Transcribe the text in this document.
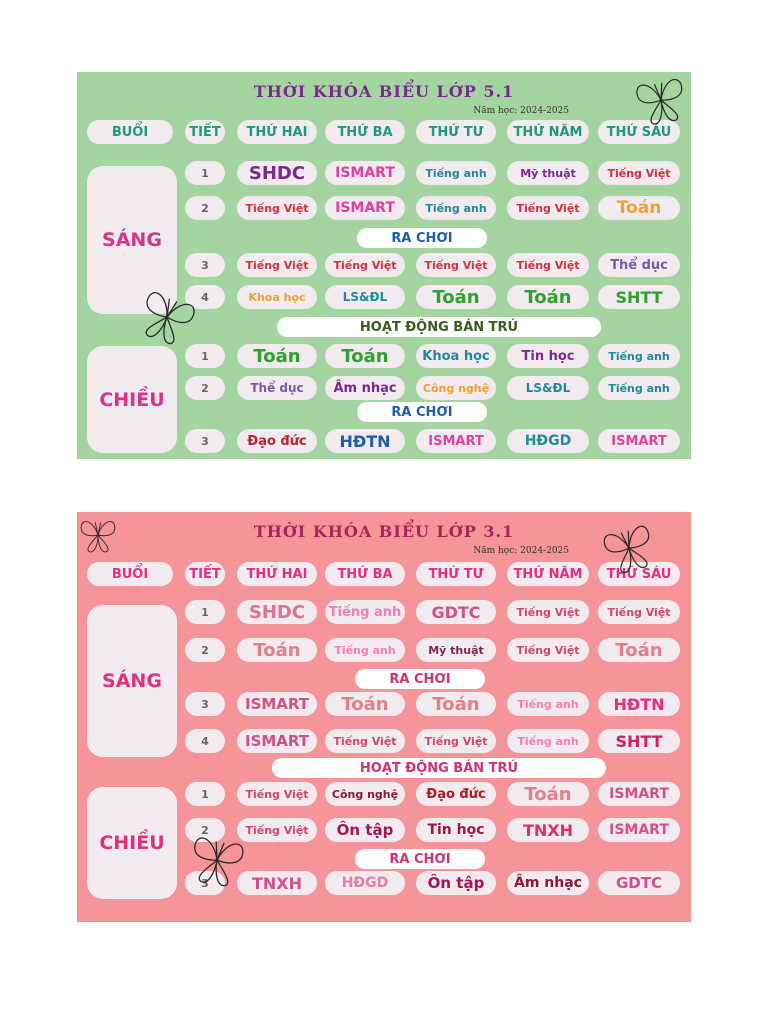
THỜI KHÓA BIỂU LỚP 5.1
Năm học: 2024-2025
BUỔI	TIẾT	THỨ HAI	THỨ BA	THỨ TƯ	THỨ NĂM	THỨ SÁU
SÁNG
CHIỀU
RA CHƠI
HOẠT ĐỘNG BÁN TRÚ
RA CHƠI
1	SHDC	ISMART	Tiếng anh	Mỹ thuật	Tiếng Việt
2	Tiếng Việt	ISMART	Tiếng anh	Tiếng Việt	Toán
3	Tiếng Việt	Tiếng Việt	Tiếng Việt	Tiếng Việt	Thể dục
4	Khoa học	LS&ĐL	Toán	Toán	SHTT
1	Toán	Toán	Khoa học	Tin học	Tiếng anh
2	Thể dục	Âm nhạc	Công nghệ	LS&ĐL	Tiếng anh
3	Đạo đức	HĐTN	ISMART	HĐGD	ISMART
THỜI KHÓA BIỂU LỚP 3.1
Năm học: 2024-2025
BUỔI	TIẾT	THỨ HAI	THỨ BA	THỨ TƯ	THỨ NĂM	THỨ SÁU
SÁNG
CHIỀU
RA CHƠI
HOẠT ĐỘNG BÁN TRÚ
RA CHƠI
1	SHDC	Tiếng anh	GDTC	Tiếng Việt	Tiếng Việt
2	Toán	Tiếng anh	Mỹ thuật	Tiếng Việt	Toán
3	ISMART	Toán	Toán	Tiếng anh	HĐTN
4	ISMART	Tiếng Việt	Tiếng Việt	Tiếng anh	SHTT
1	Tiếng Việt	Công nghệ	Đạo đức	Toán	ISMART
2	Tiếng Việt	Ôn tập	Tin học	TNXH	ISMART
3	TNXH	HĐGD	Ôn tập	Âm nhạc	GDTC
